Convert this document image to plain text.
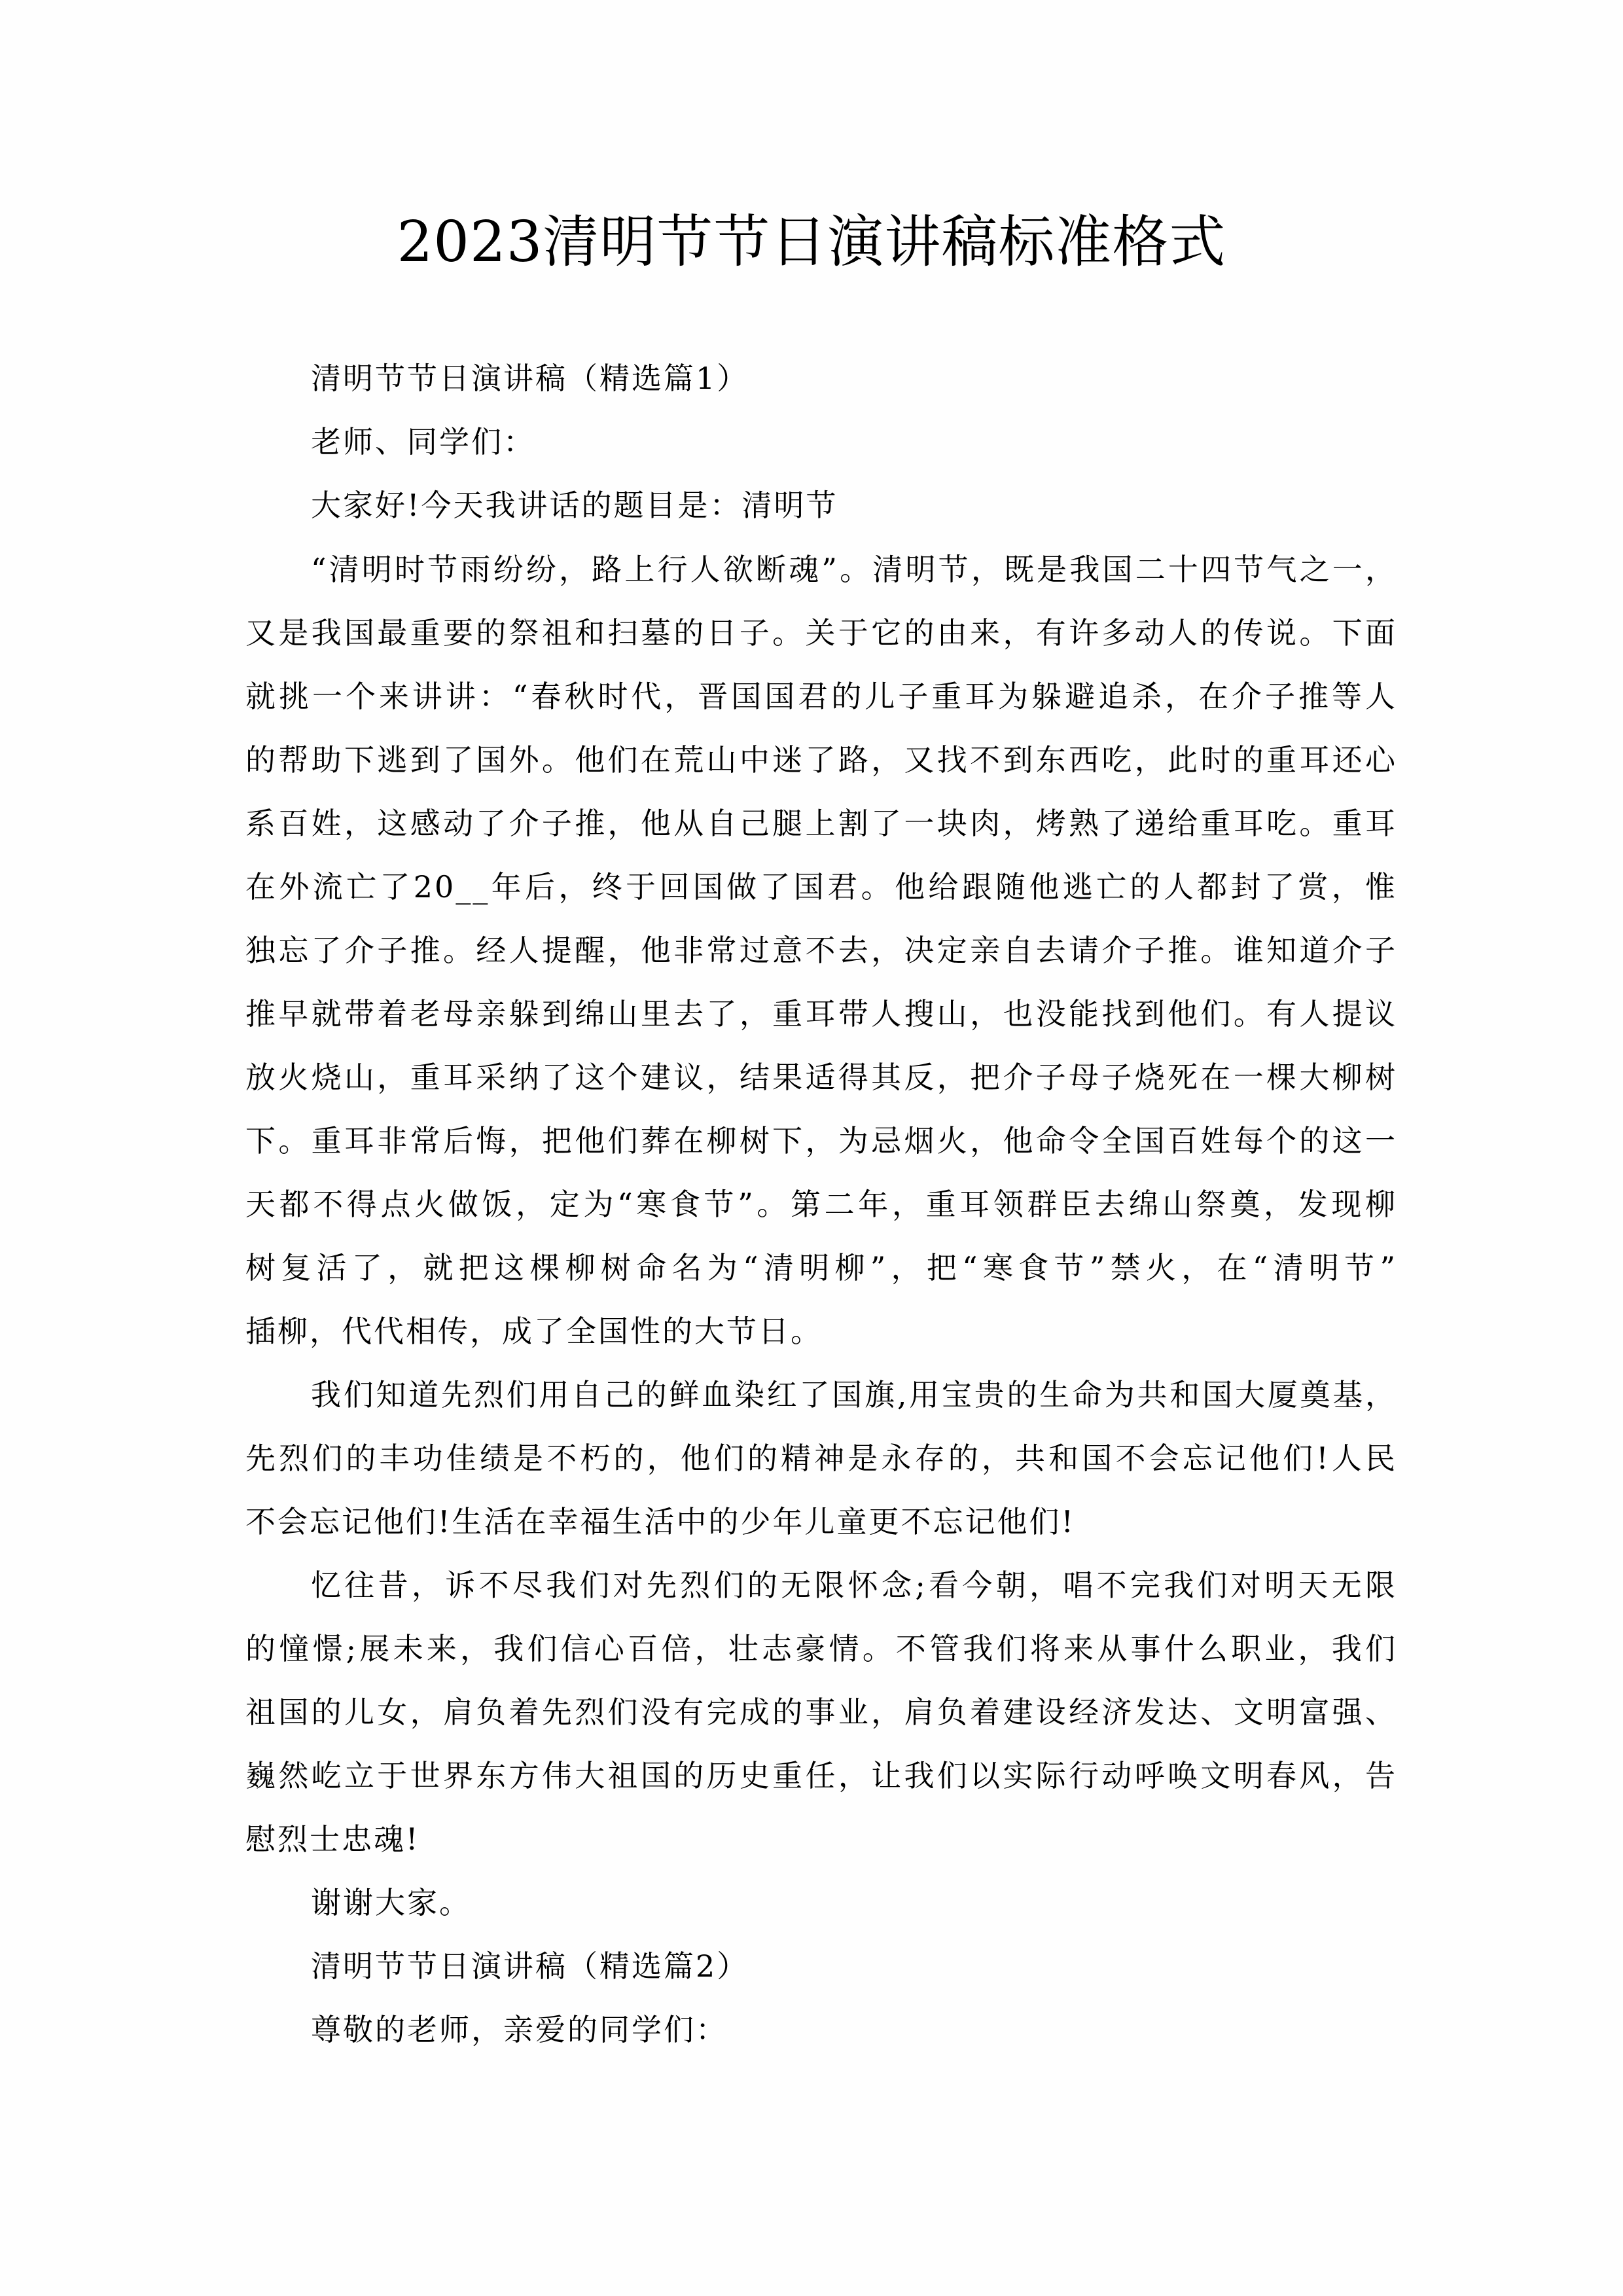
2023清明节节日演讲稿标准格式
清明节节日演讲稿（精选篇1）
老师、同学们：
大家好!今天我讲话的题目是：清明节
“清明时节雨纷纷，路上行人欲断魂”。清明节，既是我国二十四节气之一，
又是我国最重要的祭祖和扫墓的日子。关于它的由来，有许多动人的传说。下面
就挑一个来讲讲：“春秋时代，晋国国君的儿子重耳为躲避追杀，在介子推等人
的帮助下逃到了国外。他们在荒山中迷了路，又找不到东西吃，此时的重耳还心
系百姓，这感动了介子推，他从自己腿上割了一块肉，烤熟了递给重耳吃。重耳
在外流亡了20__年后，终于回国做了国君。他给跟随他逃亡的人都封了赏，惟
独忘了介子推。经人提醒，他非常过意不去，决定亲自去请介子推。谁知道介子
推早就带着老母亲躲到绵山里去了，重耳带人搜山，也没能找到他们。有人提议
放火烧山，重耳采纳了这个建议，结果适得其反，把介子母子烧死在一棵大柳树
下。重耳非常后悔，把他们葬在柳树下，为忌烟火，他命令全国百姓每个的这一
天都不得点火做饭，定为“寒食节”。第二年，重耳领群臣去绵山祭奠，发现柳
树复活了，就把这棵柳树命名为“清明柳”，把“寒食节”禁火，在“清明节”
插柳，代代相传，成了全国性的大节日。
我们知道先烈们用自己的鲜血染红了国旗,用宝贵的生命为共和国大厦奠基，
先烈们的丰功佳绩是不朽的，他们的精神是永存的，共和国不会忘记他们!人民
不会忘记他们!生活在幸福生活中的少年儿童更不忘记他们!
忆往昔，诉不尽我们对先烈们的无限怀念;看今朝，唱不完我们对明天无限
的憧憬;展未来，我们信心百倍，壮志豪情。不管我们将来从事什么职业，我们
祖国的儿女，肩负着先烈们没有完成的事业，肩负着建设经济发达、文明富强、
巍然屹立于世界东方伟大祖国的历史重任，让我们以实际行动呼唤文明春风，告
慰烈士忠魂!
谢谢大家。
清明节节日演讲稿（精选篇2）
尊敬的老师，亲爱的同学们：
